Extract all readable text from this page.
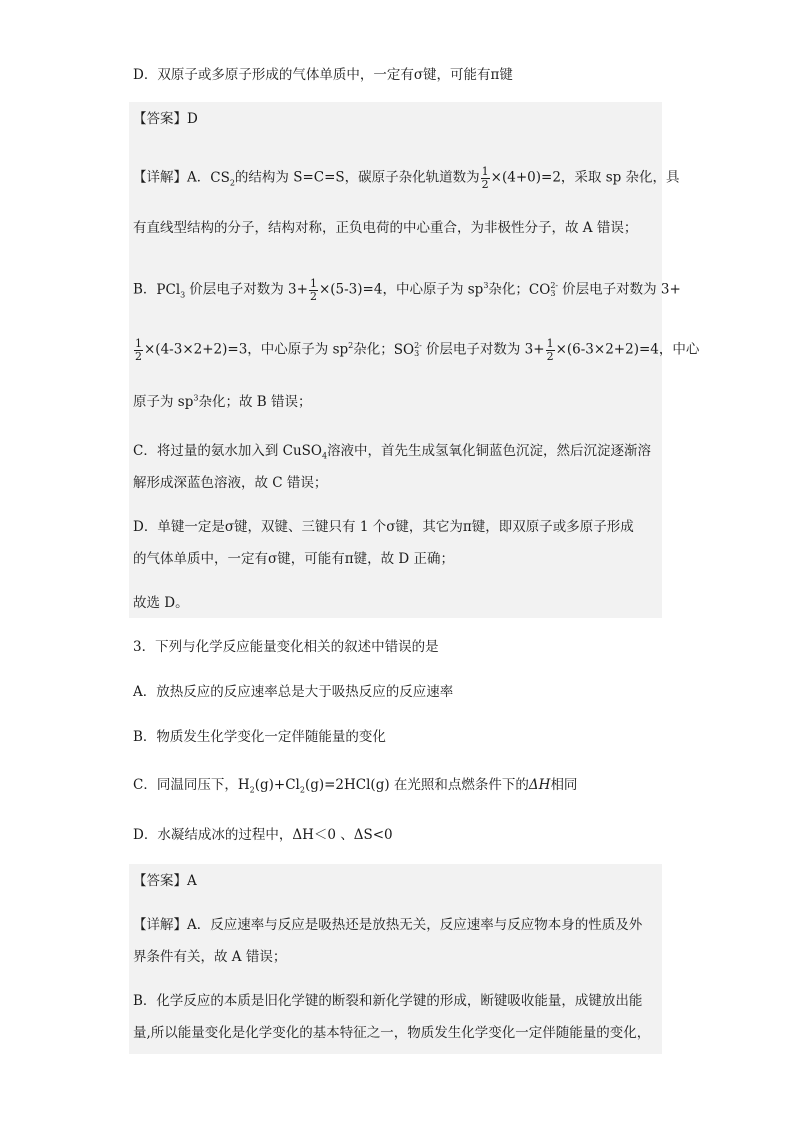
D．双原子或多原子形成的气体单质中，一定有σ键，可能有π键
【答案】D
【详解】A．$CS_2$的结构为 S=C=S，碳原子杂化轨道数为 $\frac{1}{2} \times(4+0)=2$，采取 sp 杂化，具
有直线型结构的分子，结构对称，正负电荷的中心重合，为非极性分子，故 A 错误；
B．PCl$_3$ 价层电子对数为 $3+ \frac{1}{2} \times(5-3)=4$，中心原子为 $sp^3$杂化；CO 2-
3 价层电子对数为 3+
$\frac{1}{2} \times(4-3\times 2+2)=3$，中心原子为 $sp^2$杂化；SO 2-
3 价层电子对数为 $3+ \frac{1}{2} \times(6-3\times 2+2)=4$，中心
原子为 $sp^3$杂化；故 B 错误；
C．将过量的氨水加入到 CuSO$_4$溶液中，首先生成氢氧化铜蓝色沉淀，然后沉淀逐渐溶
解形成深蓝色溶液，故 C 错误；
D．单键一定是σ键，双键、三键只有 1 个σ键，其它为π键，即双原子或多原子形成
的气体单质中，一定有σ键，可能有π键，故 D 正确；
故选 D。
3．下列与化学反应能量变化相关的叙述中错误的是
A．放热反应的反应速率总是大于吸热反应的反应速率
B．物质发生化学变化一定伴随能量的变化
C．同温同压下，$H_2(g)+Cl_2(g)=2HCl(g)$ 在光照和点燃条件下的ΔH相同
D．水凝结成冰的过程中，ΔH＜0 、ΔS<0
【答案】A
【详解】A．反应速率与反应是吸热还是放热无关，反应速率与反应物本身的性质及外
界条件有关，故 A 错误；
B．化学反应的本质是旧化学键的断裂和新化学键的形成，断键吸收能量，成键放出能
量,所以能量变化是化学变化的基本特征之一，物质发生化学变化一定伴随能量的变化，
